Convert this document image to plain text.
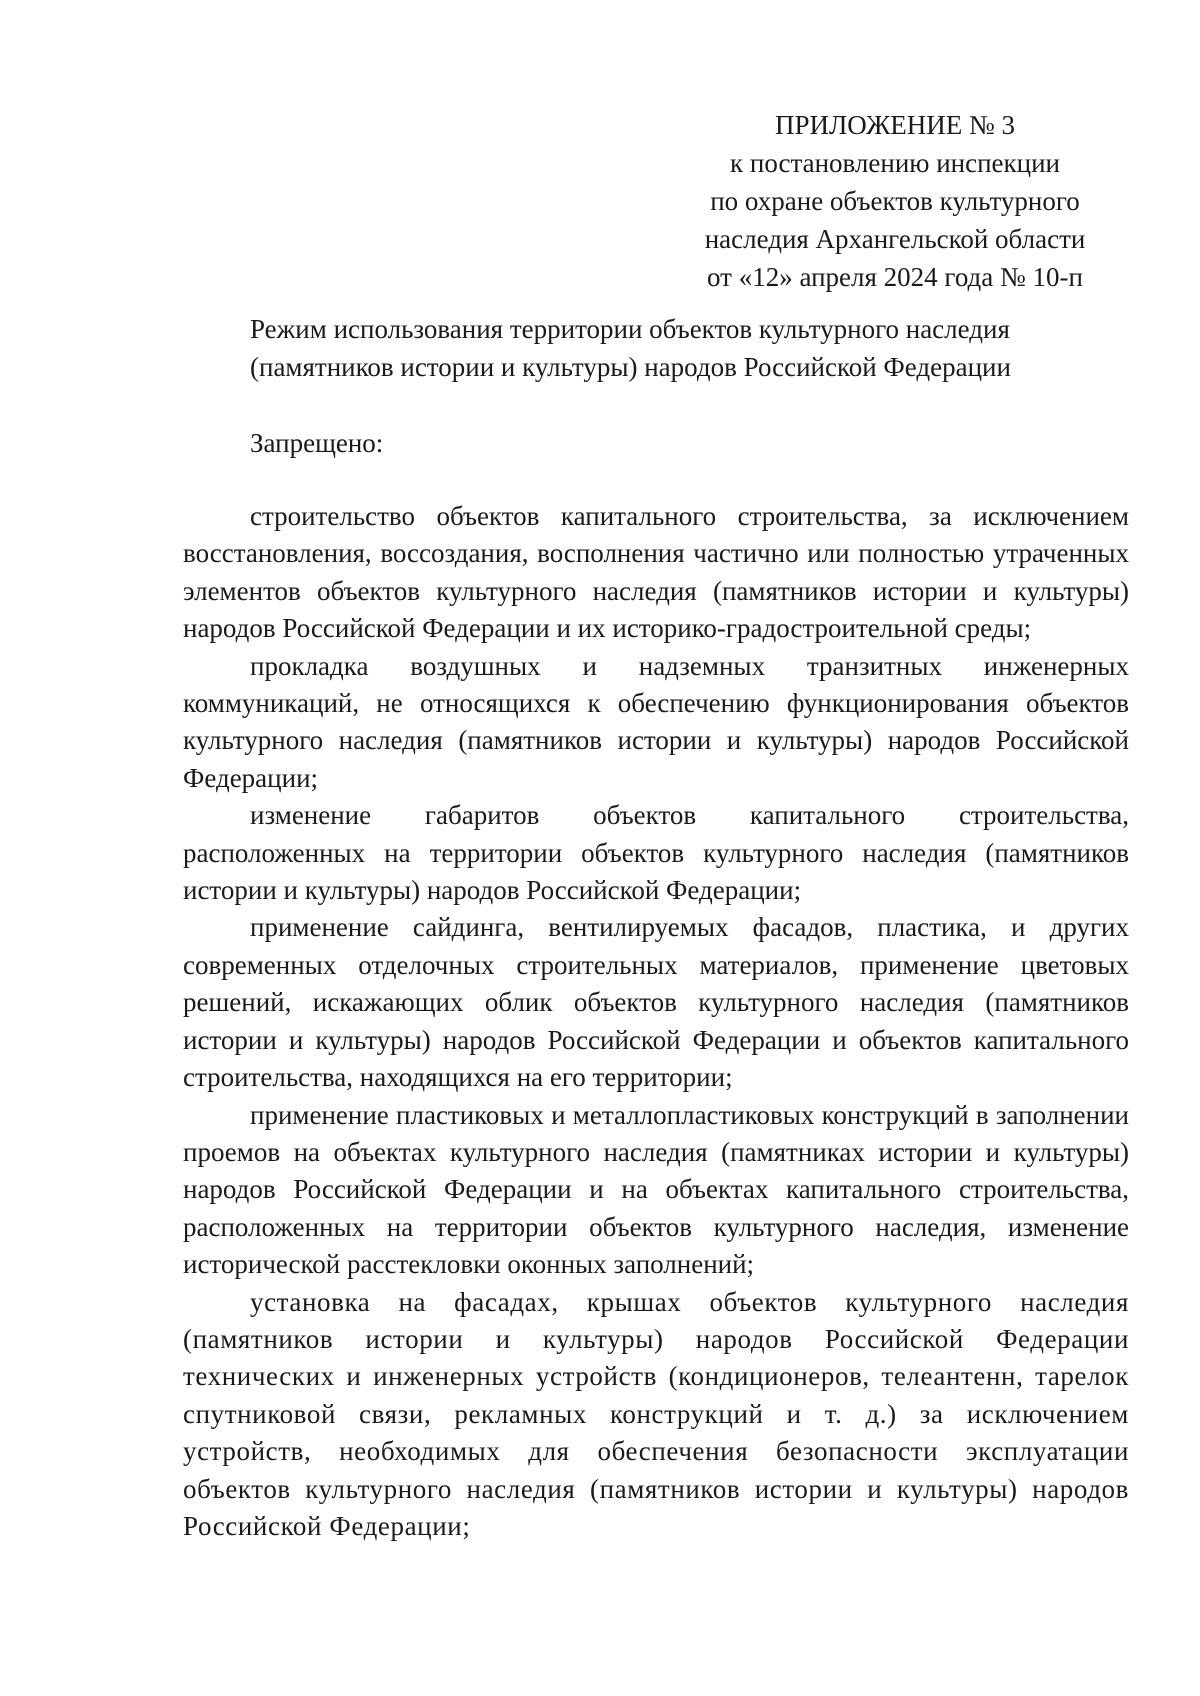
ПРИЛОЖЕНИЕ № 3
к постановлению инспекции
по охране объектов культурного
наследия Архангельской области
от «12» апреля 2024 года № 10-п
Режим использования территории объектов культурного наследия
(памятников истории и культуры) народов Российской Федерации
Запрещено:

строительство объектов капитального строительства, за исключением восстановления, воссоздания, восполнения частично или полностью утраченных элементов объектов культурного наследия (памятников истории и культуры) народов Российской Федерации и их историко-градостроительной среды;

прокладка воздушных и надземных транзитных инженерных коммуникаций, не относящихся к обеспечению функционирования объектов культурного наследия (памятников истории и культуры) народов Российской Федерации;

изменение габаритов объектов капитального строительства, расположенных на территории объектов культурного наследия (памятников истории и культуры) народов Российской Федерации;

применение сайдинга, вентилируемых фасадов, пластика, и других современных отделочных строительных материалов, применение цветовых решений, искажающих облик объектов культурного наследия (памятников истории и культуры) народов Российской Федерации и объектов капитального строительства, находящихся на его территории;

применение пластиковых и металлопластиковых конструкций в заполнении проемов на объектах культурного наследия (памятниках истории и культуры) народов Российской Федерации и на объектах капитального строительства, расположенных на территории объектов культурного наследия, изменение исторической расстекловки оконных заполнений;

установка на фасадах, крышах объектов культурного наследия (памятников истории и культуры) народов Российской Федерации технических и инженерных устройств (кондиционеров, телеантенн, тарелок спутниковой связи, рекламных конструкций и т. д.) за исключением устройств, необходимых для обеспечения безопасности эксплуатации объектов культурного наследия (памятников истории и культуры) народов Российской Федерации;
